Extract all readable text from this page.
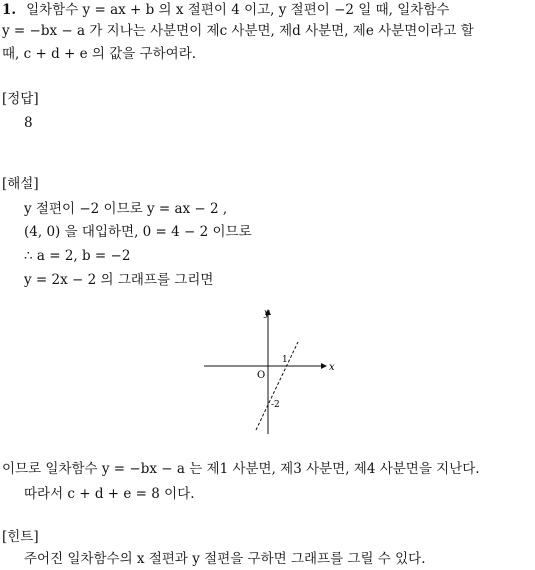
1. 일차함수 y = ax + b 의 x 절편이 4 이고, y 절편이 −2 일 때, 일차함수
y = −bx − a 가 지나는 사분면이 제c 사분면, 제d 사분면, 제e 사분면이라고 할
때, c + d + e 의 값을 구하여라.
[정답]
8
[해설]
y 절편이 −2 이므로 y = ax − 2 ,
(4, 0) 을 대입하면, 0 = 4 − 2 이므로
∴ a = 2, b = −2
y = 2x − 2 의 그래프를 그리면
x
y
O
1
-2
이므로 일차함수 y = −bx − a 는 제1 사분면, 제3 사분면, 제4 사분면을 지난다.
따라서 c + d + e = 8 이다.
[힌트]
주어진 일차함수의 x 절편과 y 절편을 구하면 그래프를 그릴 수 있다.
